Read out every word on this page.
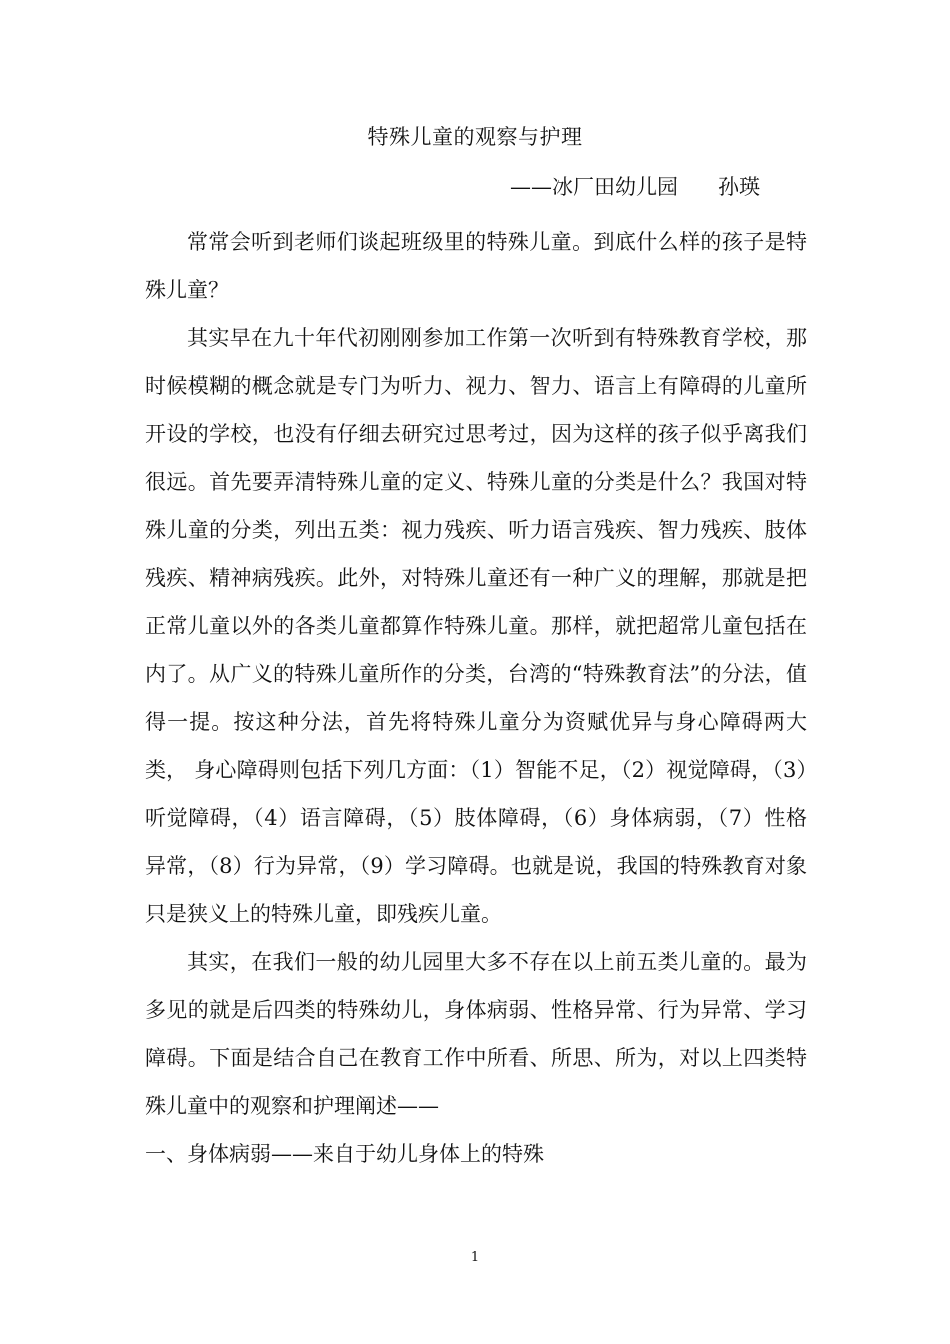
特殊儿童的观察与护理
——冰厂田幼儿园      孙瑛

常常会听到老师们谈起班级里的特殊儿童。到底什么样的孩子是特殊儿童？

其实早在九十年代初刚刚参加工作第一次听到有特殊教育学校，那时候模糊的概念就是专门为听力、视力、智力、语言上有障碍的儿童所开设的学校，也没有仔细去研究过思考过，因为这样的孩子似乎离我们很远。首先要弄清特殊儿童的定义、特殊儿童的分类是什么？我国对特殊儿童的分类，列出五类：视力残疾、听力语言残疾、智力残疾、肢体残疾、精神病残疾。此外，对特殊儿童还有一种广义的理解，那就是把正常儿童以外的各类儿童都算作特殊儿童。那样，就把超常儿童包括在内了。从广义的特殊儿童所作的分类，台湾的“特殊教育法”的分法，值得一提。按这种分法，首先将特殊儿童分为资赋优异与身心障碍两大类， 身心障碍则包括下列几方面：（1）智能不足，（2）视觉障碍，（3）听觉障碍，（4）语言障碍，（5）肢体障碍，（6）身体病弱，（7）性格异常，（8）行为异常，（9）学习障碍。也就是说，我国的特殊教育对象只是狭义上的特殊儿童，即残疾儿童。

其实，在我们一般的幼儿园里大多不存在以上前五类儿童的。最为多见的就是后四类的特殊幼儿，身体病弱、性格异常、行为异常、学习障碍。下面是结合自己在教育工作中所看、所思、所为，对以上四类特殊儿童中的观察和护理阐述——

一、身体病弱——来自于幼儿身体上的特殊

1
